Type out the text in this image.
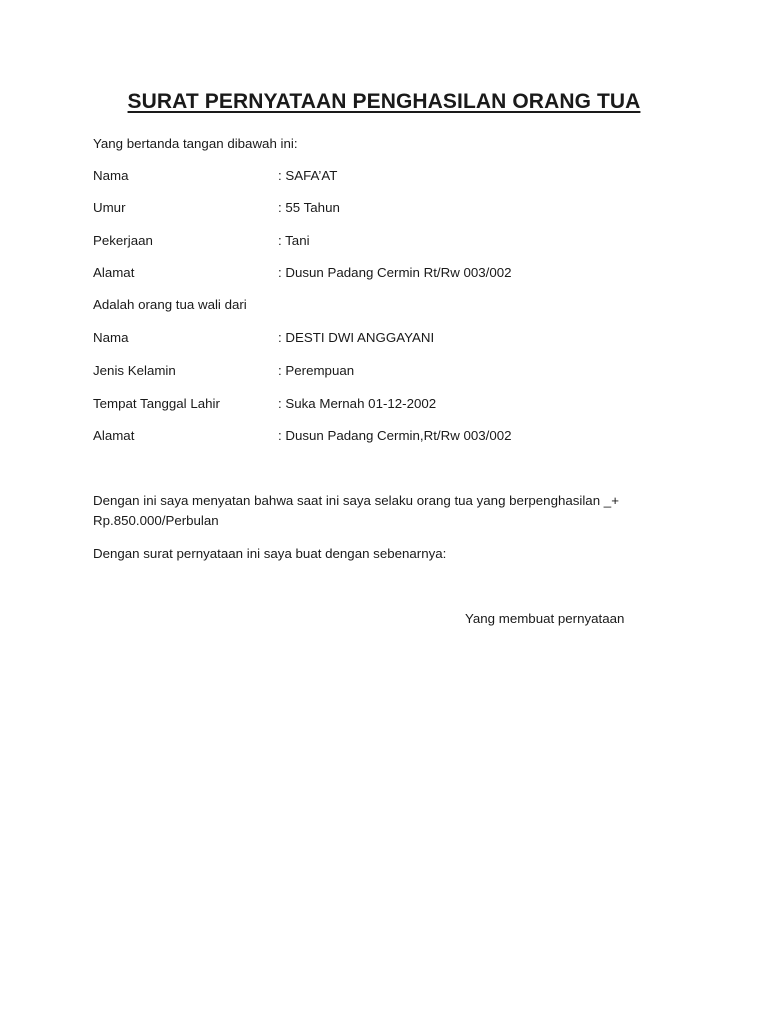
SURAT PERNYATAAN PENGHASILAN ORANG TUA
Yang bertanda tangan dibawah ini:
Nama	: SAFA’AT
Umur	: 55 Tahun
Pekerjaan	: Tani
Alamat	: Dusun Padang Cermin Rt/Rw 003/002
Adalah orang tua wali dari
Nama	: DESTI DWI ANGGAYANI
Jenis Kelamin	: Perempuan
Tempat Tanggal Lahir	: Suka Mernah 01-12-2002
Alamat	: Dusun Padang Cermin,Rt/Rw 003/002
Dengan ini saya menyatan bahwa saat ini saya selaku orang tua yang berpenghasilan _+
Rp.850.000/Perbulan
Dengan surat pernyataan ini saya buat dengan sebenarnya:
Yang membuat pernyataan
